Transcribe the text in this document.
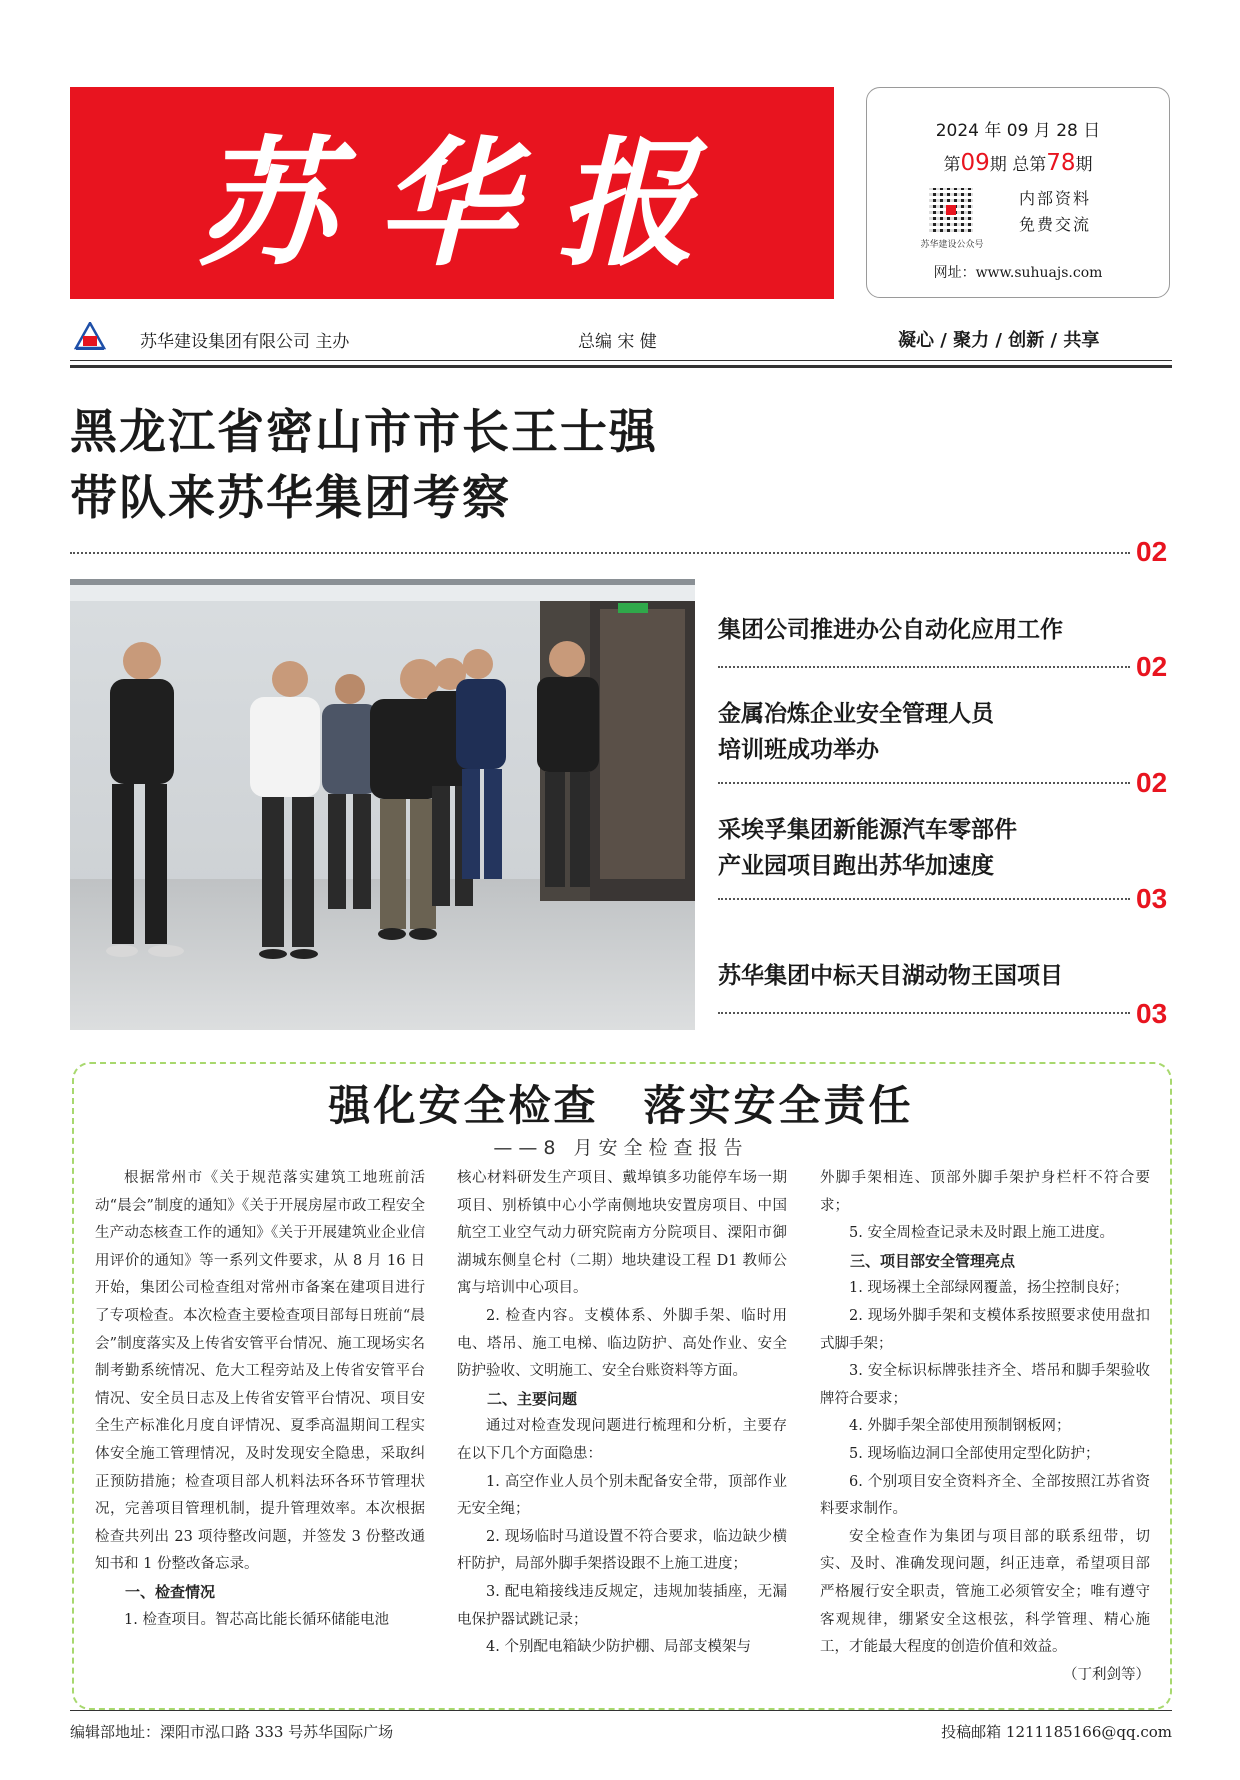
苏华报	2024 年 09 月 28 日
第09期 总第78期
苏华建设公众号
内部资料
免费交流
网址：www.suhuajs.com
苏华建设集团有限公司 主办	总编 宋 健	凝心 / 聚力 / 创新 / 共享
黑龙江省密山市市长王士强
带队来苏华集团考察
02
集团公司推进办公自动化应用工作
02
金属冶炼企业安全管理人员
培训班成功举办
02
采埃孚集团新能源汽车零部件
产业园项目跑出苏华加速度
03
苏华集团中标天目湖动物王国项目
03
强化安全检查　落实安全责任
——8 月安全检查报告

根据常州市《关于规范落实建筑工地班前活动“晨会”制度的通知》《关于开展房屋市政工程安全生产动态核查工作的通知》《关于开展建筑业企业信用评价的通知》等一系列文件要求，从 8 月 16 日开始，集团公司检查组对常州市备案在建项目进行了专项检查。本次检查主要检查项目部每日班前“晨会”制度落实及上传省安管平台情况、施工现场实名制考勤系统情况、危大工程旁站及上传省安管平台情况、安全员日志及上传省安管平台情况、项目安全生产标准化月度自评情况、夏季高温期间工程实体安全施工管理情况，及时发现安全隐患，采取纠正预防措施；检查项目部人机料法环各环节管理状况，完善项目管理机制，提升管理效率。本次根据检查共列出 23 项待整改问题，并签发 3 份整改通知书和 1 份整改备忘录。

一、检查情况

1. 检查项目。智芯高比能长循环储能电池

核心材料研发生产项目、戴埠镇多功能停车场一期项目、别桥镇中心小学南侧地块安置房项目、中国航空工业空气动力研究院南方分院项目、溧阳市御湖城东侧皇仑村（二期）地块建设工程 D1 教师公寓与培训中心项目。

2. 检查内容。支模体系、外脚手架、临时用电、塔吊、施工电梯、临边防护、高处作业、安全防护验收、文明施工、安全台账资料等方面。

二、主要问题

通过对检查发现问题进行梳理和分析，主要存在以下几个方面隐患：

1. 高空作业人员个别未配备安全带，顶部作业无安全绳；

2. 现场临时马道设置不符合要求，临边缺少横杆防护，局部外脚手架搭设跟不上施工进度；

3. 配电箱接线违反规定，违规加装插座，无漏电保护器试跳记录；

4. 个别配电箱缺少防护棚、局部支模架与

外脚手架相连、顶部外脚手架护身栏杆不符合要求；

5. 安全周检查记录未及时跟上施工进度。

三、项目部安全管理亮点

1. 现场裸土全部绿网覆盖，扬尘控制良好；

2. 现场外脚手架和支模体系按照要求使用盘扣式脚手架；

3. 安全标识标牌张挂齐全、塔吊和脚手架验收牌符合要求；

4. 外脚手架全部使用预制钢板网；

5. 现场临边洞口全部使用定型化防护；

6. 个别项目安全资料齐全、全部按照江苏省资料要求制作。

安全检查作为集团与项目部的联系纽带，切实、及时、准确发现问题，纠正违章，希望项目部严格履行安全职责，管施工必须管安全；唯有遵守客观规律，绷紧安全这根弦，科学管理、精心施工，才能最大程度的创造价值和效益。

（丁利剑等）
编辑部地址：溧阳市泓口路 333 号苏华国际广场	投稿邮箱 1211185166@qq.com
